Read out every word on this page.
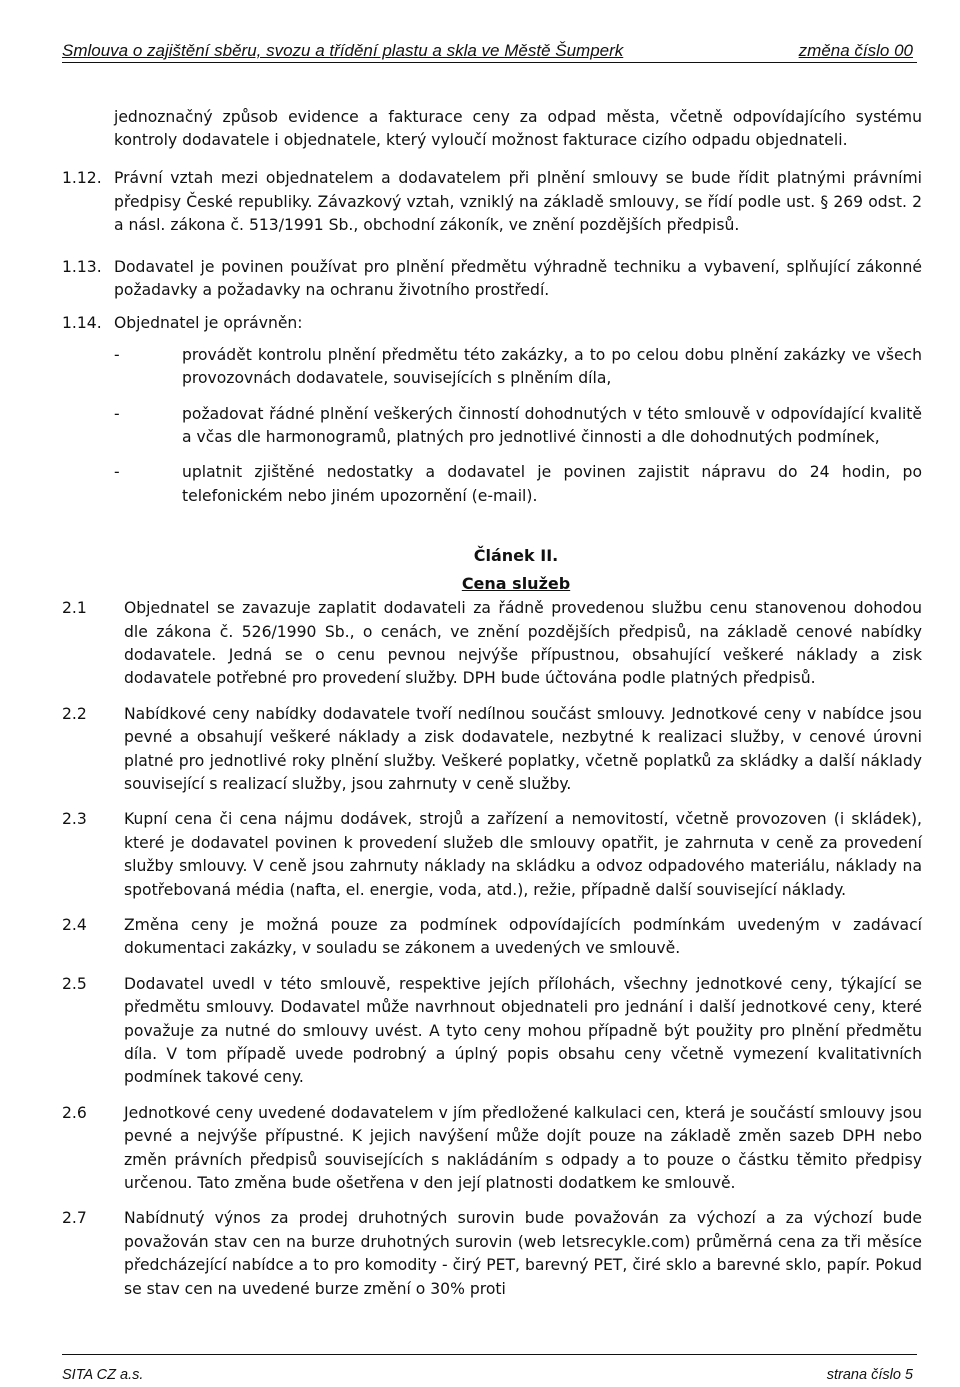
Smlouva o zajištění sběru, svozu a třídění plastu a skla ve Městě Šumperk	změna číslo 00

jednoznačný způsob evidence a fakturace ceny za odpad města, včetně odpovídajícího systému kontroly dodavatele i objednatele, který vyloučí možnost fakturace cizího odpadu objednateli.

1.12. Právní vztah mezi objednatelem a dodavatelem při plnění smlouvy se bude řídit platnými právními předpisy České republiky. Závazkový vztah, vzniklý na základě smlouvy, se řídí podle ust. § 269 odst. 2 a násl. zákona č. 513/1991 Sb., obchodní zákoník, ve znění pozdějších předpisů.
1.13. Dodavatel je povinen používat pro plnění předmětu výhradně techniku a vybavení, splňující zákonné požadavky a požadavky na ochranu životního prostředí.
1.14. Objednatel je oprávněn:
-	provádět kontrolu plnění předmětu této zakázky, a to po celou dobu plnění zakázky ve všech provozovnách dodavatele, souvisejících s plněním díla,
-	požadovat řádné plnění veškerých činností dohodnutých v této smlouvě v odpovídající kvalitě a včas dle harmonogramů, platných pro jednotlivé činnosti a dle dohodnutých podmínek,
-	uplatnit zjištěné nedostatky a dodavatel je povinen zajistit nápravu do 24 hodin, po telefonickém nebo jiném upozornění (e-mail).
Článek II.
Cena služeb
2.1 Objednatel se zavazuje zaplatit dodavateli za řádně provedenou službu cenu stanovenou dohodou dle zákona č. 526/1990 Sb., o cenách, ve znění pozdějších předpisů, na základě cenové nabídky dodavatele. Jedná se o cenu pevnou nejvýše přípustnou, obsahující veškeré náklady a zisk dodavatele potřebné pro provedení služby. DPH bude účtována podle platných předpisů.
2.2 Nabídkové ceny nabídky dodavatele tvoří nedílnou součást smlouvy. Jednotkové ceny v nabídce jsou pevné a obsahují veškeré náklady a zisk dodavatele, nezbytné k realizaci služby, v cenové úrovni platné pro jednotlivé roky plnění služby. Veškeré poplatky, včetně poplatků za skládky a další náklady související s realizací služby, jsou zahrnuty v ceně služby.
2.3 Kupní cena či cena nájmu dodávek, strojů a zařízení a nemovitostí, včetně provozoven (i skládek), které je dodavatel povinen k provedení služeb dle smlouvy opatřit, je zahrnuta v ceně za provedení služby smlouvy. V ceně jsou zahrnuty náklady na skládku a odvoz odpadového materiálu, náklady na spotřebovaná média (nafta, el. energie, voda, atd.), režie, případně další související náklady.
2.4 Změna ceny je možná pouze za podmínek odpovídajících podmínkám uvedeným v zadávací dokumentaci zakázky, v souladu se zákonem a uvedených ve smlouvě.
2.5 Dodavatel uvedl v této smlouvě, respektive jejích přílohách, všechny jednotkové ceny, týkající se předmětu smlouvy. Dodavatel může navrhnout objednateli pro jednání i další jednotkové ceny, které považuje za nutné do smlouvy uvést. A tyto ceny mohou případně být použity pro plnění předmětu díla. V tom případě uvede podrobný a úplný popis obsahu ceny včetně vymezení kvalitativních podmínek takové ceny.
2.6 Jednotkové ceny uvedené dodavatelem v jím předložené kalkulaci cen, která je součástí smlouvy jsou pevné a nejvýše přípustné. K jejich navýšení může dojít pouze na základě změn sazeb DPH nebo změn právních předpisů souvisejících s nakládáním s odpady a to pouze o částku těmito předpisy určenou. Tato změna bude ošetřena v den její platnosti dodatkem ke smlouvě.
2.7 Nabídnutý výnos za prodej druhotných surovin bude považován za výchozí a za výchozí bude považován stav cen na burze druhotných surovin (web letsrecykle.com) průměrná cena za tři měsíce předcházející nabídce a to pro komodity - čirý PET, barevný PET, čiré sklo a barevné sklo, papír. Pokud se stav cen na uvedené burze změní o 30% proti
SITA CZ a.s.	strana číslo 5
